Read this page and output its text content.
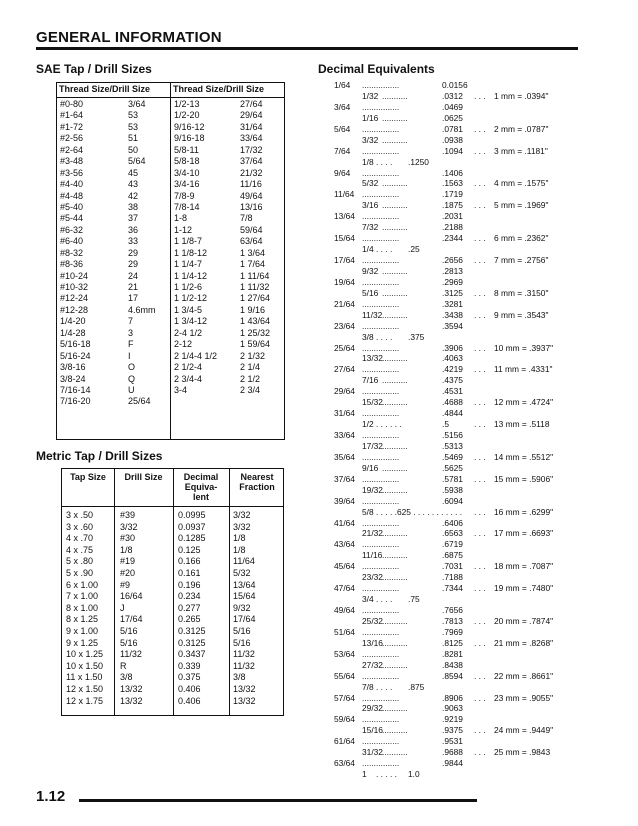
GENERAL INFORMATION
SAE Tap / Drill Sizes	Decimal Equivalents
Metric Tap / Drill Sizes
Thread Size/Drill Size	Thread Size/Drill Size
#0-80	3/64
#1-64	53
#1-72	53
#2-56	51
#2-64	50
#3-48	5/64
#3-56	45
#4-40	43
#4-48	42
#5-40	38
#5-44	37
#6-32	36
#6-40	33
#8-32	29
#8-36	29
#10-24	24
#10-32	21
#12-24	17
#12-28	4.6mm
1/4-20	7
1/4-28	3
5/16-18	F
5/16-24	I
3/8-16	O
3/8-24	Q
7/16-14	U
7/16-20	25/64
1/2-13	27/64
1/2-20	29/64
9/16-12	31/64
9/16-18	33/64
5/8-11	17/32
5/8-18	37/64
3/4-10	21/32
3/4-16	11/16
7/8-9	49/64
7/8-14	13/16
1-8	7/8
1-12	59/64
1 1/8-7	63/64
1 1/8-12	1 3/64
1 1/4-7	1 7/64
1 1/4-12	1 11/64
1 1/2-6	1 11/32
1 1/2-12	1 27/64
1 3/4-5	1 9/16
1 3/4-12	1 43/64
2-4 1/2	1 25/32
2-12	1 59/64
2 1/4-4 1/2	2 1/32
2 1/2-4	2 1/4
2 3/4-4	2 1/2
3-4	2 3/4
Tap Size	Drill Size	Decimal
Equiva-
lent
Nearest
Fraction
3 x .50	#39	0.0995	3/32
3 x .60	3/32	0.0937	3/32
4 x .70	#30	0.1285	1/8
4 x .75	1/8	0.125	1/8
5 x .80	#19	0.166	11/64
5 x .90	#20	0.161	5/32
6 x 1.00 #9	0.196	13/64
7 x 1.00 16/64	0.234	15/64
8 x 1.00 J	0.277	9/32
8 x 1.25 17/64	0.265	17/64
9 x 1.00 5/16	0.3125	5/16
9 x 1.25 5/16	0.3125	5/16
10 x 1.25 11/32	0.3437	11/32
10 x 1.50 R	0.339	11/32
11 x 1.50 3/8	0.375	3/8
12 x 1.50 13/32	0.406	13/32
12 x 1.75 13/32	0.406	13/32
1/64 ................	0.0156
1/32 ...........	.0312 . . . 1 mm = .0394"
3/64 ................	.0469
1/16 ...........	.0625
5/64 ................	.0781 . . . 2 mm = .0787"
3/32 ...........	.0938
7/64 ................	.1094 . . . 3 mm = .1181"
1/8 . . . . .1250
9/64 ................	.1406
5/32 ...........	.1563 . . . 4 mm = .1575"
11/64 ................	.1719
3/16 ...........	.1875 . . . 5 mm = .1969"
13/64 ................	.2031
7/32 ...........	.2188
15/64 ................	.2344 . . . 6 mm = .2362"
1/4 . . . . .25
17/64 ................	.2656 . . . 7 mm = .2756"
9/32 ...........	.2813
19/64 ................	.2969
5/16 ...........	.3125 . . . 8 mm = .3150"
21/64 ................	.3281
11/32 ...........	.3438 . . . 9 mm = .3543"
23/64 ................	.3594
3/8 . . . . .375
25/64 ................	.3906 . . . 10 mm = .3937"
13/32 ...........	.4063
27/64 ................	.4219 . . . 11 mm = .4331"
7/16 ...........	.4375
29/64 ................	.4531
15/32 ...........	.4688 . . . 12 mm = .4724"
31/64 ................	.4844
1/2 . . . . . .	.5	. . . 13 mm = .5118
33/64 ................	.5156
17/32 ...........	.5313
35/64 ................	.5469 . . . 14 mm = .5512"
9/16 ...........	.5625
37/64 ................	.5781 . . . 15 mm = .5906"
19/32 ...........	.5938
39/64 ................	.6094
5/8 . . . . .625 . . . . . . . . . . . . . . 16 mm = .6299"
41/64 ................	.6406
21/32 ...........	.6563 . . . 17 mm = .6693"
43/64 ................	.6719
11/16 ...........	.6875
45/64 ................	.7031 . . . 18 mm = .7087"
23/32 ...........	.7188
47/64 ................	.7344 . . . 19 mm = .7480"
3/4 . . . . .75
49/64 ................	.7656
25/32 ...........	.7813 . . . 20 mm = .7874"
51/64 ................	.7969
13/16 ...........	.8125 . . . 21 mm = .8268"
53/64 ................	.8281
27/32 ...........	.8438
55/64 ................	.8594 . . . 22 mm = .8661"
7/8 . . . . .875
57/64 ................	.8906 . . . 23 mm = .9055"
29/32 ...........	.9063
59/64 ................	.9219
15/16 ...........	.9375 . . . 24 mm = .9449"
61/64 ................	.9531
31/32 ...........	.9688 . . . 25 mm = .9843
63/64 ................	.9844
1 . . . . . 1.0
1.12
